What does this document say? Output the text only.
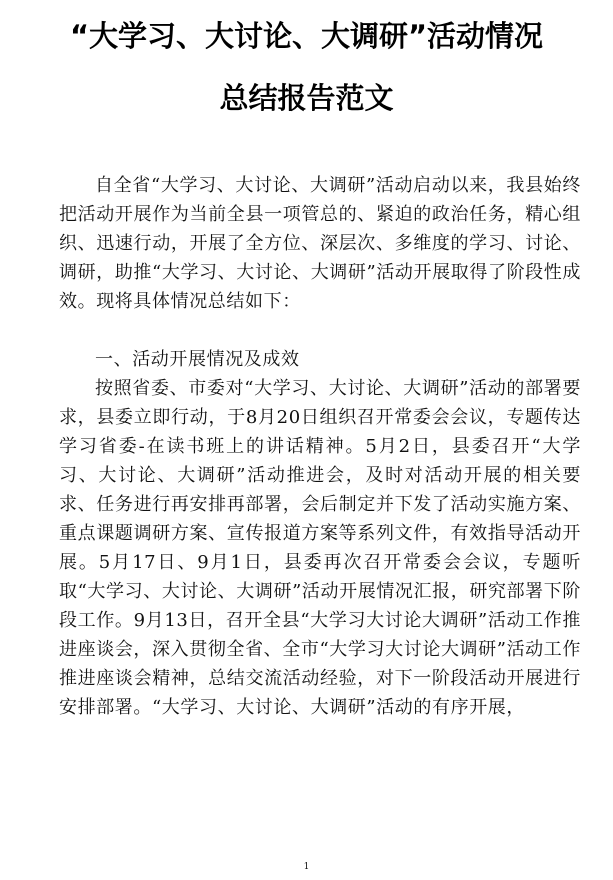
“大学习、大讨论、大调研”活动情况
总结报告范文

自全省“大学习、大讨论、大调研”活动启动以来，我县始终把活动开展作为当前全县一项管总的、紧迫的政治任务，精心组织、迅速行动，开展了全方位、深层次、多维度的学习、讨论、调研，助推“大学习、大讨论、大调研”活动开展取得了阶段性成效。现将具体情况总结如下：

一、活动开展情况及成效

按照省委、市委对“大学习、大讨论、大调研”活动的部署要求，县委立即行动，于8月20日组织召开常委会会议，专题传达学习省委-在读书班上的讲话精神。5月2日，县委召开“大学习、大讨论、大调研”活动推进会，及时对活动开展的相关要求、任务进行再安排再部署，会后制定并下发了活动实施方案、重点课题调研方案、宣传报道方案等系列文件，有效指导活动开展。5月17日、9月1日，县委再次召开常委会会议，专题听取“大学习、大讨论、大调研”活动开展情况汇报，研究部署下阶段工作。9月13日，召开全县“大学习大讨论大调研”活动工作推进座谈会，深入贯彻全省、全市“大学习大讨论大调研”活动工作推进座谈会精神，总结交流活动经验，对下一阶段活动开展进行安排部署。“大学习、大讨论、大调研”活动的有序开展，

1
